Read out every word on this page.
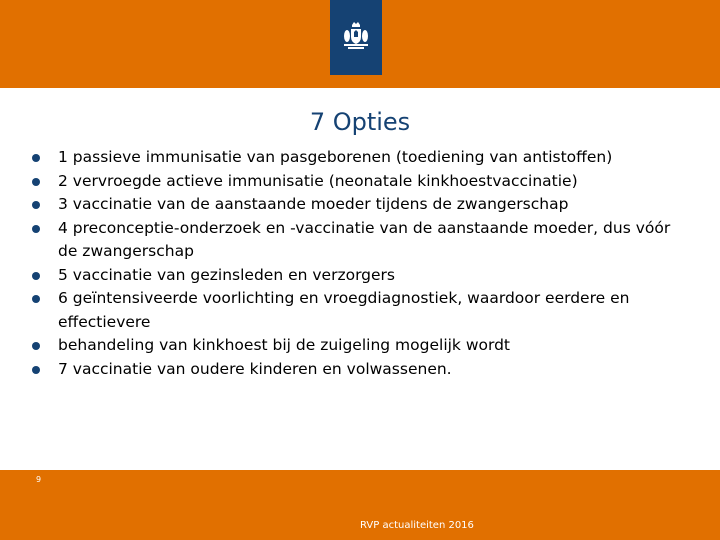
7 Opties
1 passieve immunisatie van pasgeborenen (toediening van antistoffen)
2 vervroegde actieve immunisatie (neonatale kinkhoestvaccinatie)
3 vaccinatie van de aanstaande moeder tijdens de zwangerschap
4 preconceptie-onderzoek en -vaccinatie van de aanstaande moeder, dus vóór de zwangerschap
5 vaccinatie van gezinsleden en verzorgers
6 geïntensiveerde voorlichting en vroegdiagnostiek, waardoor eerdere en effectievere
behandeling van kinkhoest bij de zuigeling mogelijk wordt
7 vaccinatie van oudere kinderen en volwassenen.
9
RVP actualiteiten 2016
